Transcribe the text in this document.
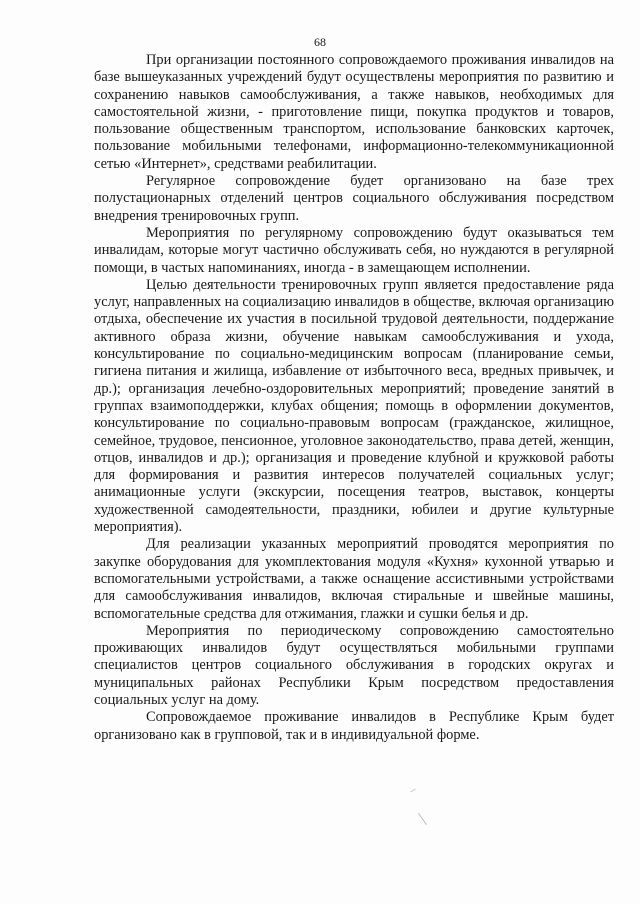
68

При организации постоянного сопровождаемого проживания инвалидов на базе вышеуказанных учреждений будут осуществлены мероприятия по развитию и сохранению навыков самообслуживания, а также навыков, необходимых для самостоятельной жизни, - приготовление пищи, покупка продуктов и товаров, пользование общественным транспортом, использование банковских карточек, пользование мобильными телефонами, информационно-телекоммуникационной сетью «Интернет», средствами реабилитации.

Регулярное сопровождение будет организовано на базе трех полустационарных отделений центров социального обслуживания посредством внедрения тренировочных групп.

Мероприятия по регулярному сопровождению будут оказываться тем инвалидам, которые могут частично обслуживать себя, но нуждаются в регулярной помощи, в частых напоминаниях, иногда - в замещающем исполнении.

Целью деятельности тренировочных групп является предоставление ряда услуг, направленных на социализацию инвалидов в обществе, включая организацию отдыха, обеспечение их участия в посильной трудовой деятельности, поддержание активного образа жизни, обучение навыкам самообслуживания и ухода, консультирование по социально-медицинским вопросам (планирование семьи, гигиена питания и жилища, избавление от избыточного веса, вредных привычек, и др.); организация лечебно-оздоровительных мероприятий; проведение занятий в группах взаимоподдержки, клубах общения; помощь в оформлении документов, консультирование по социально-правовым вопросам (гражданское, жилищное, семейное, трудовое, пенсионное, уголовное законодательство, права детей, женщин, отцов, инвалидов и др.); организация и проведение клубной и кружковой работы для формирования и развития интересов получателей социальных услуг; анимационные услуги (экскурсии, посещения театров, выставок, концерты художественной самодеятельности, праздники, юбилеи и другие культурные мероприятия).

Для реализации указанных мероприятий проводятся мероприятия по закупке оборудования для укомплектования модуля «Кухня» кухонной утварью и вспомогательными устройствами, а также оснащение ассистивными устройствами для самообслуживания инвалидов, включая стиральные и швейные машины, вспомогательные средства для отжимания, глажки и сушки белья и др.

Мероприятия по периодическому сопровождению самостоятельно проживающих инвалидов будут осуществляться мобильными группами специалистов центров социального обслуживания в городских округах и муниципальных районах Республики Крым посредством предоставления социальных услуг на дому.

Сопровождаемое проживание инвалидов в Республике Крым будет организовано как в групповой, так и в индивидуальной форме.
